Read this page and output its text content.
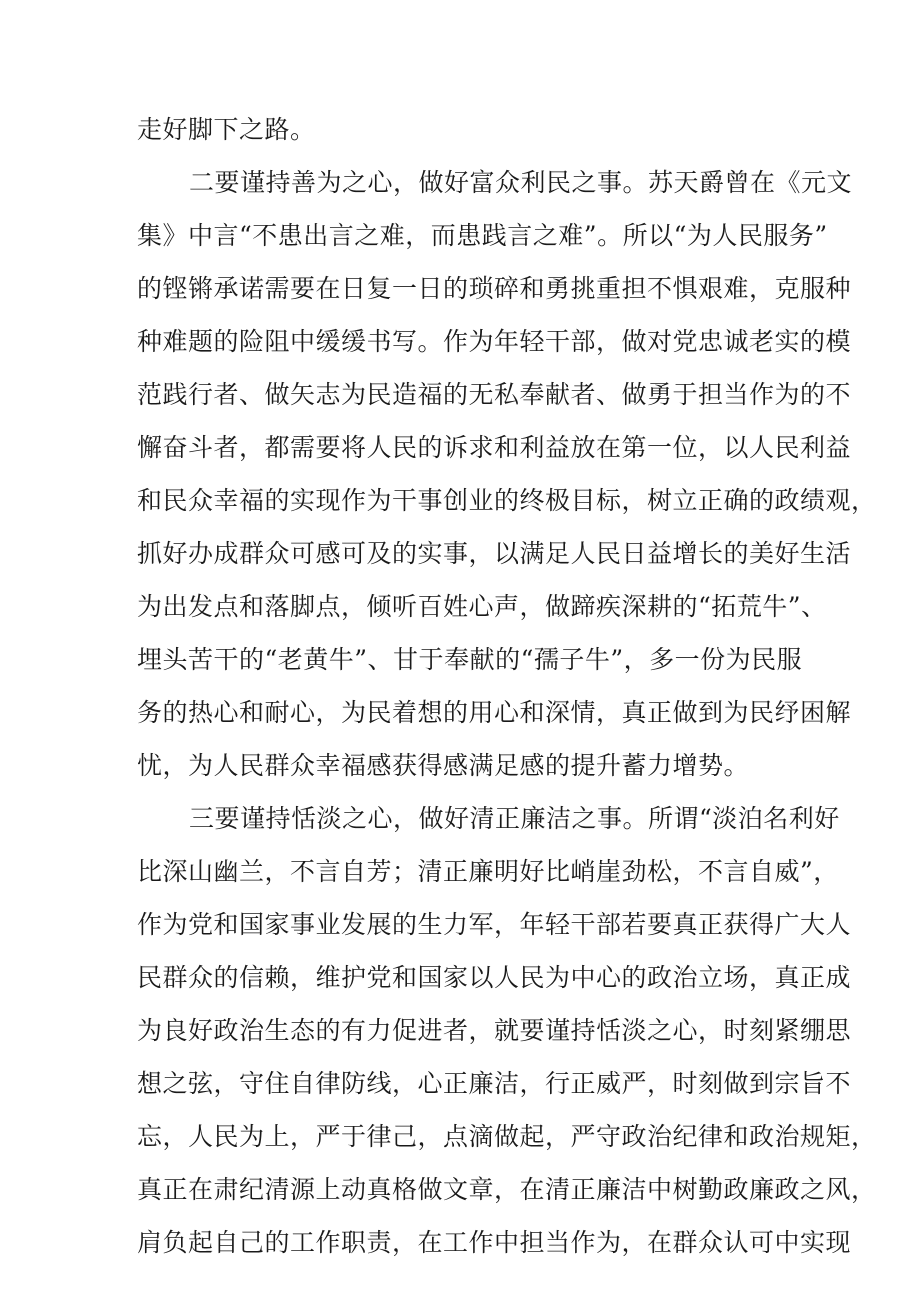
走好脚下之路。
二要谨持善为之心，做好富众利民之事。苏天爵曾在《元文
集》中言“不患出言之难，而患践言之难”。所以“为人民服务”
的铿锵承诺需要在日复一日的琐碎和勇挑重担不惧艰难，克服种
种难题的险阻中缓缓书写。作为年轻干部，做对党忠诚老实的模
范践行者、做矢志为民造福的无私奉献者、做勇于担当作为的不
懈奋斗者，都需要将人民的诉求和利益放在第一位，以人民利益
和民众幸福的实现作为干事创业的终极目标，树立正确的政绩观，
抓好办成群众可感可及的实事，以满足人民日益增长的美好生活
为出发点和落脚点，倾听百姓心声，做蹄疾深耕的“拓荒牛”、
埋头苦干的“老黄牛”、甘于奉献的“孺子牛”，多一份为民服
务的热心和耐心，为民着想的用心和深情，真正做到为民纾困解
忧，为人民群众幸福感获得感满足感的提升蓄力增势。
三要谨持恬淡之心，做好清正廉洁之事。所谓“淡泊名利好
比深山幽兰，不言自芳；清正廉明好比峭崖劲松，不言自威”，
作为党和国家事业发展的生力军，年轻干部若要真正获得广大人
民群众的信赖，维护党和国家以人民为中心的政治立场，真正成
为良好政治生态的有力促进者，就要谨持恬淡之心，时刻紧绷思
想之弦，守住自律防线，心正廉洁，行正威严，时刻做到宗旨不
忘，人民为上，严于律己，点滴做起，严守政治纪律和政治规矩，
真正在肃纪清源上动真格做文章，在清正廉洁中树勤政廉政之风，
肩负起自己的工作职责，在工作中担当作为，在群众认可中实现
